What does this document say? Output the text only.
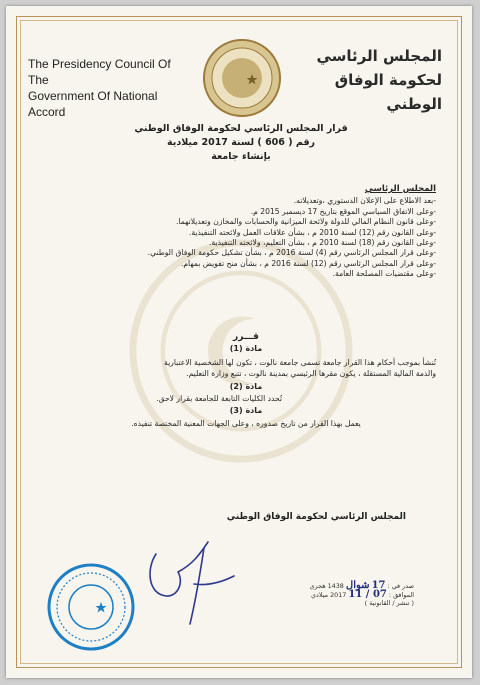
The Presidency Council Of The
Government Of National Accord
المجلس الرئاسي
لحكومة الوفاق الوطني
قرار المجلس الرئاسي لحكومة الوفاق الوطني
رقم ( 606 ) لسنة 2017 ميلادية
بإنشاء جامعة
المجلس الرئاسي
-بعد الاطلاع على الإعلان الدستوري ،وتعديلاته.
-وعلى الاتفاق السياسي الموقع بتاريخ 17 ديسمبر 2015 م.
-وعلى قانون النظام المالي للدولة ولائحة الميزانية والحسابات والمخازن وتعديلاتهما.
-وعلى القانون رقم (12) لسنة 2010 م ، بشأن علاقات العمل ولائحته التنفيذية.
-وعلى القانون رقم (18) لسنة 2010 م ، بشأن التعليم، ولائحته التنفيذية.
-وعلى قرار المجلس الرئاسي رقم (4) لسنة 2016 م ، بشأن تشكيل حكومة الوفاق الوطني.
-وعلى قرار المجلس الرئاسي رقم (12) لسنة 2016 م ، بشأن منح تفويض بمهام.
-وعلى مقتضيات المصلحة العامة.
قـــرر
مادة (1)
تُنشأ بموجب أحكام هذا القرار جامعة تسمى جامعة نالوت ، تكون لها الشخصية الاعتبارية
والذمة المالية المستقلة ، يكون مقرها الرئيسي بمدينة نالوت ، تتبع وزارة التعليم.
مادة (2)
تُحدد الكليات التابعة للجامعة بقرار لاحق.
مادة (3)
يعمل بهذا القرار من تاريخ صدوره ، وعلى الجهات المعنية المختصة تنفيذه.
المجلس الرئاسي لحكومة الوفاق الوطني
صدر في : 17 شوال 1438 هجري
الموافق : 07 / 11 2017 ميلادي
( تنشر / القانونية )
